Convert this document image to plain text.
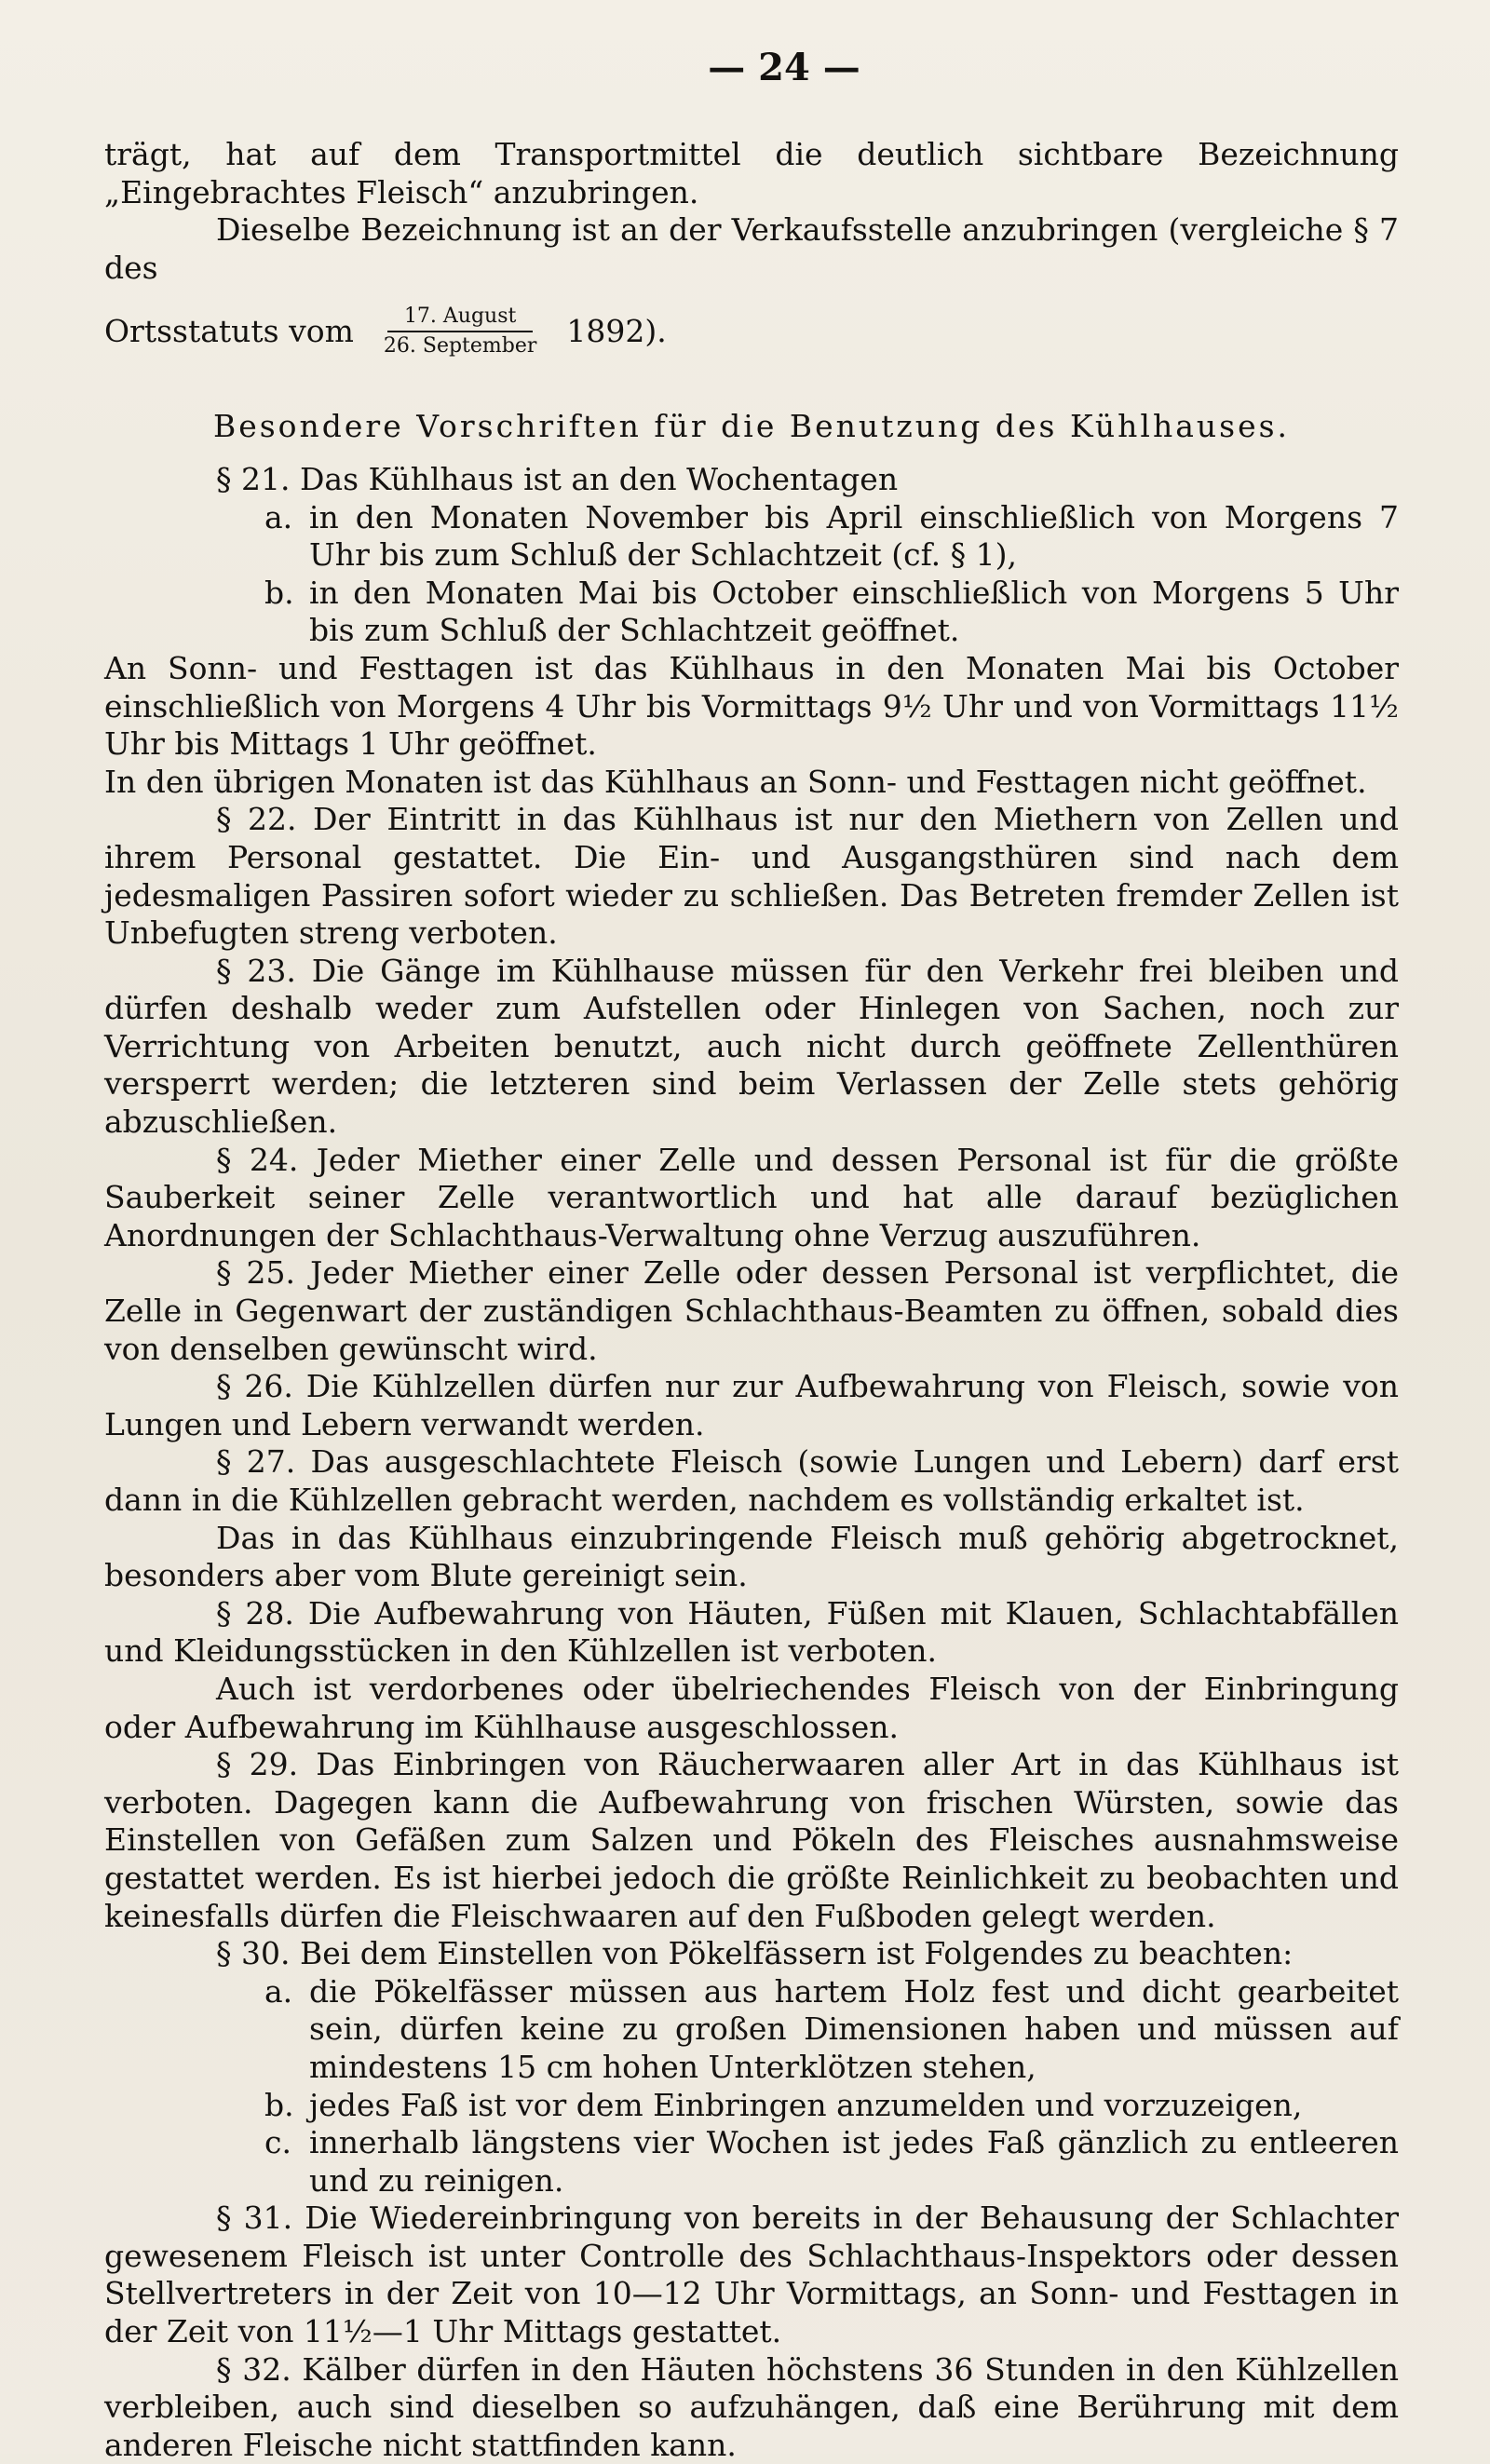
— 24 —

trägt, hat auf dem Transportmittel die deutlich sichtbare Bezeichnung „Eingebrachtes Fleisch“ anzubringen.

Dieselbe Bezeichnung ist an der Verkaufsstelle anzubringen (vergleiche § 7 des

Ortsstatuts vom $\frac{\text{17. August}}{\text{26. September}} 1892$).

Besondere Vorschriften für die Benutzung des Kühlhauses.

§ 21. Das Kühlhaus ist an den Wochentagen

a. in den Monaten November bis April einschließlich von Morgens 7 Uhr bis zum Schluß der Schlachtzeit (cf. § 1),
b. in den Monaten Mai bis October einschließlich von Morgens 5 Uhr bis zum Schluß der Schlachtzeit geöffnet.

An Sonn- und Festtagen ist das Kühlhaus in den Monaten Mai bis October einschließlich von Morgens 4 Uhr bis Vormittags 9½ Uhr und von Vormittags 11½ Uhr bis Mittags 1 Uhr geöffnet.

In den übrigen Monaten ist das Kühlhaus an Sonn- und Festtagen nicht geöffnet.

§ 22. Der Eintritt in das Kühlhaus ist nur den Miethern von Zellen und ihrem Personal gestattet. Die Ein- und Ausgangsthüren sind nach dem jedesmaligen Passiren sofort wieder zu schließen. Das Betreten fremder Zellen ist Unbefugten streng verboten.

§ 23. Die Gänge im Kühlhause müssen für den Verkehr frei bleiben und dürfen deshalb weder zum Aufstellen oder Hinlegen von Sachen, noch zur Verrichtung von Arbeiten benutzt, auch nicht durch geöffnete Zellenthüren versperrt werden; die letzteren sind beim Verlassen der Zelle stets gehörig abzuschließen.

§ 24. Jeder Miether einer Zelle und dessen Personal ist für die größte Sauberkeit seiner Zelle verantwortlich und hat alle darauf bezüglichen Anordnungen der Schlachthaus-Verwaltung ohne Verzug auszuführen.

§ 25. Jeder Miether einer Zelle oder dessen Personal ist verpflichtet, die Zelle in Gegenwart der zuständigen Schlachthaus-Beamten zu öffnen, sobald dies von denselben gewünscht wird.

§ 26. Die Kühlzellen dürfen nur zur Aufbewahrung von Fleisch, sowie von Lungen und Lebern verwandt werden.

§ 27. Das ausgeschlachtete Fleisch (sowie Lungen und Lebern) darf erst dann in die Kühlzellen gebracht werden, nachdem es vollständig erkaltet ist.

Das in das Kühlhaus einzubringende Fleisch muß gehörig abgetrocknet, besonders aber vom Blute gereinigt sein.

§ 28. Die Aufbewahrung von Häuten, Füßen mit Klauen, Schlachtabfällen und Kleidungsstücken in den Kühlzellen ist verboten.

Auch ist verdorbenes oder übelriechendes Fleisch von der Einbringung oder Aufbewahrung im Kühlhause ausgeschlossen.

§ 29. Das Einbringen von Räucherwaaren aller Art in das Kühlhaus ist verboten. Dagegen kann die Aufbewahrung von frischen Würsten, sowie das Einstellen von Gefäßen zum Salzen und Pökeln des Fleisches ausnahmsweise gestattet werden. Es ist hierbei jedoch die größte Reinlichkeit zu beobachten und keinesfalls dürfen die Fleischwaaren auf den Fußboden gelegt werden.

§ 30. Bei dem Einstellen von Pökelfässern ist Folgendes zu beachten:

a. die Pökelfässer müssen aus hartem Holz fest und dicht gearbeitet sein, dürfen keine zu großen Dimensionen haben und müssen auf mindestens 15 cm hohen Unterklötzen stehen,
b. jedes Faß ist vor dem Einbringen anzumelden und vorzuzeigen,
c. innerhalb längstens vier Wochen ist jedes Faß gänzlich zu entleeren und zu reinigen.

§ 31. Die Wiedereinbringung von bereits in der Behausung der Schlachter gewesenem Fleisch ist unter Controlle des Schlachthaus-Inspektors oder dessen Stellvertreters in der Zeit von 10—12 Uhr Vormittags, an Sonn- und Festtagen in der Zeit von 11½—1 Uhr Mittags gestattet.

§ 32. Kälber dürfen in den Häuten höchstens 36 Stunden in den Kühlzellen verbleiben, auch sind dieselben so aufzuhängen, daß eine Berührung mit dem anderen Fleische nicht stattfinden kann.
